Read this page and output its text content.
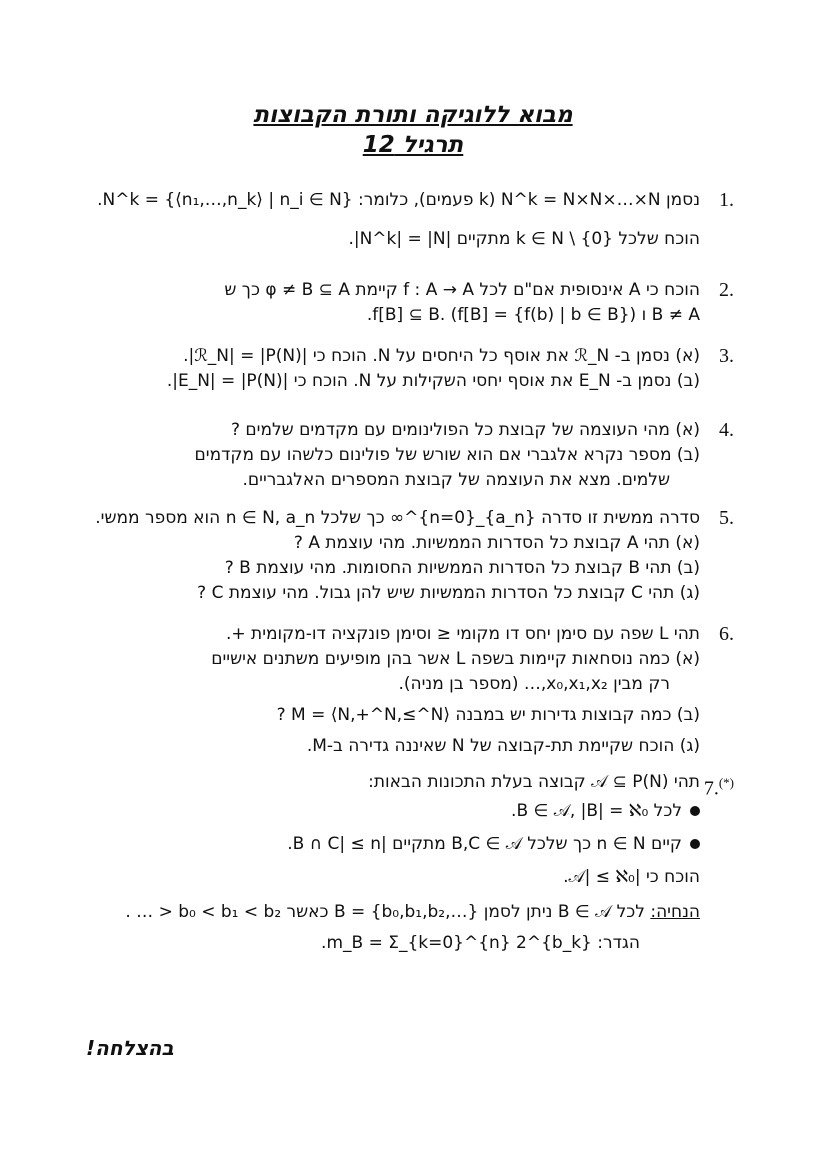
מבוא ללוגיקה ותורת הקבוצות
תרגיל 12
1.
נסמן N^k = N×N×…×N (k פעמים), כלומר: N^k = {⟨n₁,…,n_k⟩ | n_i ∈ N}.
הוכח שלכל k ∈ N \ {0} מתקיים |N^k| = |N|.
2.
הוכח כי A אינסופית אם"ם לכל f : A → A קיימת φ ≠ B ⊆ A כך ש
B ≠ A ו f[B] ⊆ B. (f[B] = {f(b) | b ∈ B}).
3.
(א) נסמן ב- ℛ_N את אוסף כל היחסים על N. הוכח כי |ℛ_N| = |P(N)|.
(ב) נסמן ב- E_N את אוסף יחסי השקילות על N. הוכח כי |E_N| = |P(N)|.
4.
(א) מהי העוצמה של קבוצת כל הפולינומים עם מקדמים שלמים ?
(ב) מספר נקרא אלגברי אם הוא שורש של פולינום כלשהו עם מקדמים
שלמים. מצא את העוצמה של קבוצת המספרים האלגבריים.
5.
סדרה ממשית זו סדרה {a_n}_{n=0}^∞ כך שלכל n ∈ N, a_n הוא מספר ממשי.
(א) תהי A קבוצת כל הסדרות הממשיות. מהי עוצמת A ?
(ב) תהי B קבוצת כל הסדרות הממשיות החסומות. מהי עוצמת B ?
(ג) תהי C קבוצת כל הסדרות הממשיות שיש להן גבול. מהי עוצמת C ?
6.
תהי L שפה עם סימן יחס דו מקומי ≤ וסימן פונקציה דו-מקומית +.
(א) כמה נוסחאות קיימות בשפה L אשר בהן מופיעים משתנים אישיים
רק מבין x₀,x₁,x₂,… (מספר בן מניה).
(ב) כמה קבוצות גדירות יש במבנה M = ⟨N,+^N,≤^N⟩ ?
(ג) הוכח שקיימת תת-קבוצה של N שאיננה גדירה ב-M.
7.(*)
תהי 𝒜 ⊆ P(N) קבוצה בעלת התכונות הבאות:
לכל B ∈ 𝒜, |B| = ℵ₀.
קיים n ∈ N כך שלכל B,C ∈ 𝒜 מתקיים |B ∩ C| ≤ n.
הוכח כי |𝒜| ≤ ℵ₀.
הנחיה: לכל B ∈ 𝒜 ניתן לסמן B = {b₀,b₁,b₂,…} כאשר b₀ < b₁ < b₂ < … .
הגדר: m_B = Σ_{k=0}^{n} 2^{b_k}.
בהצלחה!
